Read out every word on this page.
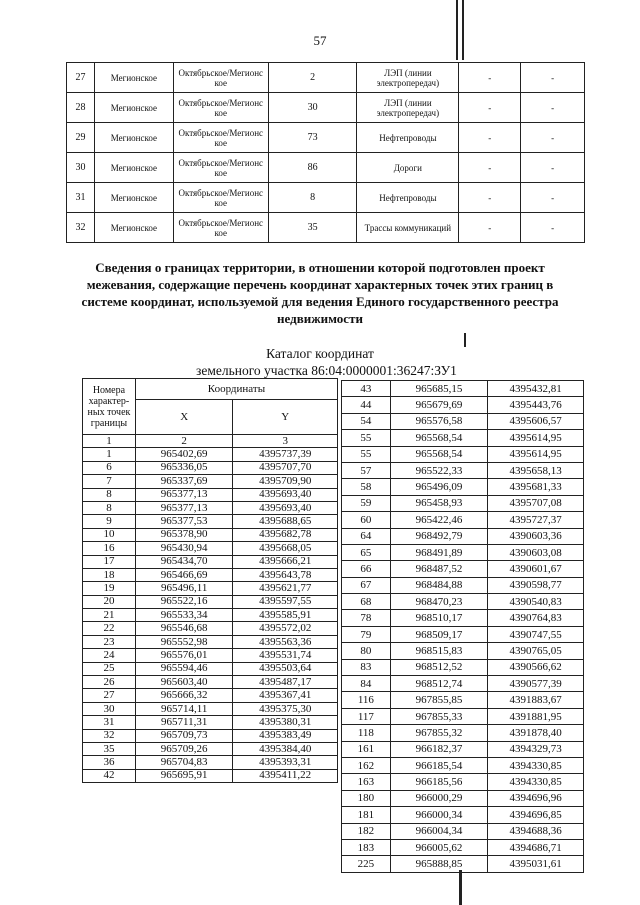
57
27	Мегионское	Октябрьское/Мегионс кое	2	ЛЭП (линии электропередач)	-	-
28	Мегионское	Октябрьское/Мегионс кое	30	ЛЭП (линии электропередач)	-	-
29	Мегионское	Октябрьское/Мегионс кое	73	Нефтепроводы	-	-
30	Мегионское	Октябрьское/Мегионс кое	86	Дороги	-	-
31	Мегионское	Октябрьское/Мегионс кое	8	Нефтепроводы	-	-
32	Мегионское	Октябрьское/Мегионс кое	35	Трассы коммуникаций	-	-
Сведения о границах территории, в отношении которой подготовлен проект межевания, содержащие перечень координат характерных точек этих границ в системе координат, используемой для ведения Единого государственного реестра недвижимости
Каталог координат
земельного участка 86:04:0000001:36247:ЗУ1
Номера характер-ных точек границы	Координаты	
	X	Y
1	2	3
1	965402,69	4395737,39
6	965336,05	4395707,70
7	965337,69	4395709,90
8	965377,13	4395693,40
8	965377,13	4395693,40
9	965377,53	4395688,65
10	965378,90	4395682,78
16	965430,94	4395668,05
17	965434,70	4395666,21
18	965466,69	4395643,78
19	965496,11	4395621,77
20	965522,16	4395597,55
21	965533,34	4395585,91
22	965546,68	4395572,02
23	965552,98	4395563,36
24	965576,01	4395531,74
25	965594,46	4395503,64
26	965603,40	4395487,17
27	965666,32	4395367,41
30	965714,11	4395375,30
31	965711,31	4395380,31
32	965709,73	4395383,49
35	965709,26	4395384,40
36	965704,83	4395393,31
42	965695,91	4395411,22
43	965685,15	4395432,81
44	965679,69	4395443,76
54	965576,58	4395606,57
55	965568,54	4395614,95
55	965568,54	4395614,95
57	965522,33	4395658,13
58	965496,09	4395681,33
59	965458,93	4395707,08
60	965422,46	4395727,37
64	968492,79	4390603,36
65	968491,89	4390603,08
66	968487,52	4390601,67
67	968484,88	4390598,77
68	968470,23	4390540,83
78	968510,17	4390764,83
79	968509,17	4390747,55
80	968515,83	4390765,05
83	968512,52	4390566,62
84	968512,74	4390577,39
116	967855,85	4391883,67
117	967855,33	4391881,95
118	967855,32	4391878,40
161	966182,37	4394329,73
162	966185,54	4394330,85
163	966185,56	4394330,85
180	966000,29	4394696,96
181	966000,34	4394696,85
182	966004,34	4394688,36
183	966005,62	4394686,71
225	965888,85	4395031,61
